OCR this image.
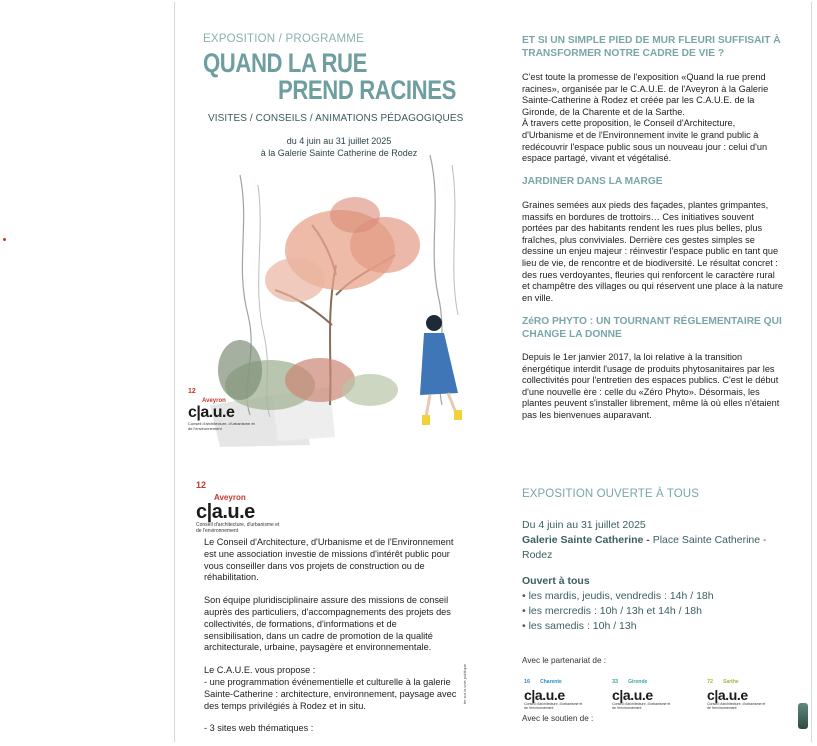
EXPOSITION / PROGRAMME
QUAND LA RUE
PREND RACINES
VISITES / CONSEILS / ANIMATIONS PÉDAGOGIQUES
du 4 juin au 31 juillet 2025
à la Galerie Sainte Catherine de Rodez
12
Aveyron
c|a.u.e
Conseil d'architecture, d'urbanisme et de l'environnement
12
Aveyron
c|a.u.e
Conseil d'architecture, d'urbanisme et de l'environnement

Le Conseil d'Architecture, d'Urbanisme et de l'Environnement est une association investie de missions d'intérêt public pour vous conseiller dans vos projets de construction ou de réhabilitation.

Son équipe pluridisciplinaire assure des missions de conseil auprès des particuliers, d'accompagnements des projets des collectivités, de formations, d'informations et de sensibilisation, dans un cadre de promotion de la qualité architecturale, urbaine, paysagère et environnementale.

Le C.A.U.E. vous propose :
- une programmation événementielle et culturelle à la galerie Sainte-Catherine : architecture, environnement, paysage avec des temps privilégiés à Rodez et in situ.

- 3 sites web thématiques :

ter sur la voie publique
ET SI UN SIMPLE PIED DE MUR FLEURI SUFFISAIT À TRANSFORMER NOTRE CADRE DE VIE ?
C'est toute la promesse de l'exposition «Quand la rue prend racines», organisée par le C.A.U.E. de l'Aveyron à la Galerie Sainte-Catherine à Rodez et créée par les C.A.U.E. de la Gironde, de la Charente et de la Sarthe.
À travers cette proposition, le Conseil d'Architecture, d'Urbanisme et de l'Environnement invite le grand public à redécouvrir l'espace public sous un nouveau jour : celui d'un espace partagé, vivant et végétalisé.
JARDINER DANS LA MARGE
Graines semées aux pieds des façades, plantes grimpantes, massifs en bordures de trottoirs… Ces initiatives souvent portées par des habitants rendent les rues plus belles, plus fraîches, plus conviviales. Derrière ces gestes simples se dessine un enjeu majeur : réinvestir l'espace public en tant que lieu de vie, de rencontre et de biodiversité. Le résultat concret : des rues verdoyantes, fleuries qui renforcent le caractère rural et champêtre des villages ou qui réservent une place à la nature en ville.
ZéRO PHYTO : UN TOURNANT RÉGLEMENTAIRE QUI CHANGE LA DONNE
Depuis le 1er janvier 2017, la loi relative à la transition énergétique interdit l'usage de produits phytosanitaires par les collectivités pour l'entretien des espaces publics. C'est le début d'une nouvelle ère : celle du «Zéro Phyto». Désormais, les plantes peuvent s'installer librement, même là où elles n'étaient pas les bienvenues auparavant.
EXPOSITION OUVERTE À TOUS
Du 4 juin au 31 juillet 2025
Galerie Sainte Catherine - Place Sainte Catherine - Rodez
Ouvert à tous
• les mardis, jeudis, vendredis : 14h / 18h
• les mercredis : 10h / 13h et 14h / 18h
• les samedis : 10h / 13h
Avec le partenariat de :
16 Charente
c|a.u.e
Conseil d'architecture, d'urbanisme et de l'environnement
33 Gironde
c|a.u.e
Conseil d'architecture, d'urbanisme et de l'environnement
72 Sarthe
c|a.u.e
Conseil d'architecture, d'urbanisme et de l'environnement
Avec le soutien de :
